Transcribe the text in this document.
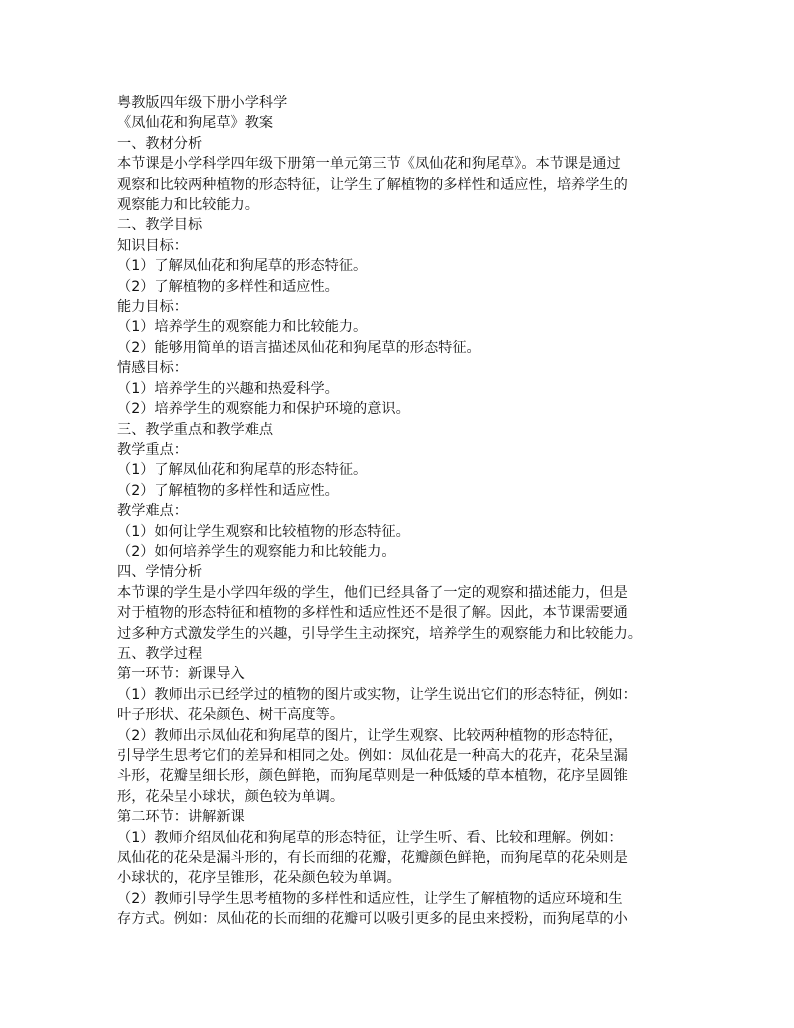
粤教版四年级下册小学科学

《凤仙花和狗尾草》教案

一、教材分析

本节课是小学科学四年级下册第一单元第三节《凤仙花和狗尾草》。本节课是通过

观察和比较两种植物的形态特征，让学生了解植物的多样性和适应性，培养学生的

观察能力和比较能力。

二、教学目标

知识目标：

（1）了解凤仙花和狗尾草的形态特征。

（2）了解植物的多样性和适应性。

能力目标：

（1）培养学生的观察能力和比较能力。

（2）能够用简单的语言描述凤仙花和狗尾草的形态特征。

情感目标：

（1）培养学生的兴趣和热爱科学。

（2）培养学生的观察能力和保护环境的意识。

三、教学重点和教学难点

教学重点：

（1）了解凤仙花和狗尾草的形态特征。

（2）了解植物的多样性和适应性。

教学难点：

（1）如何让学生观察和比较植物的形态特征。

（2）如何培养学生的观察能力和比较能力。

四、学情分析

本节课的学生是小学四年级的学生，他们已经具备了一定的观察和描述能力，但是

对于植物的形态特征和植物的多样性和适应性还不是很了解。因此，本节课需要通

过多种方式激发学生的兴趣，引导学生主动探究，培养学生的观察能力和比较能力。

五、教学过程

第一环节：新课导入

（1）教师出示已经学过的植物的图片或实物，让学生说出它们的形态特征，例如：

叶子形状、花朵颜色、树干高度等。

（2）教师出示凤仙花和狗尾草的图片，让学生观察、比较两种植物的形态特征，

引导学生思考它们的差异和相同之处。例如：凤仙花是一种高大的花卉，花朵呈漏

斗形，花瓣呈细长形，颜色鲜艳，而狗尾草则是一种低矮的草本植物，花序呈圆锥

形，花朵呈小球状，颜色较为单调。

第二环节：讲解新课

（1）教师介绍凤仙花和狗尾草的形态特征，让学生听、看、比较和理解。例如：

凤仙花的花朵是漏斗形的，有长而细的花瓣，花瓣颜色鲜艳，而狗尾草的花朵则是

小球状的，花序呈锥形，花朵颜色较为单调。

（2）教师引导学生思考植物的多样性和适应性，让学生了解植物的适应环境和生

存方式。例如：凤仙花的长而细的花瓣可以吸引更多的昆虫来授粉，而狗尾草的小
